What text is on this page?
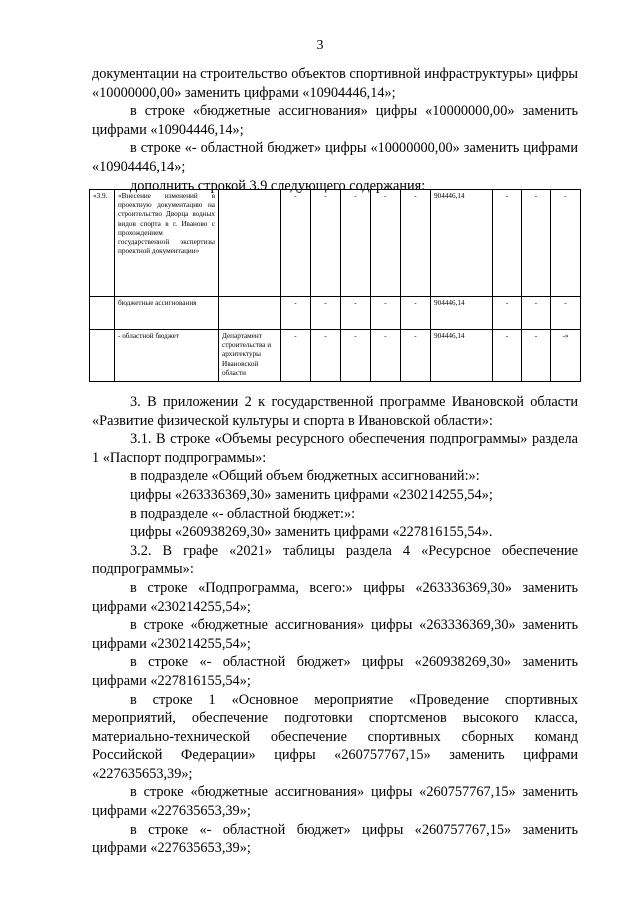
3

документации на строительство объектов спортивной инфраструктуры» цифры «10000000,00» заменить цифрами «10904446,14»;

в строке «бюджетные ассигнования» цифры «10000000,00» заменить цифрами «10904446,14»;

в строке «- областной бюджет» цифры «10000000,00» заменить цифрами «10904446,14»;

дополнить строкой 3.9 следующего содержания:

«3.9.	«Внесение изменений в проектную документацию на строительство Дворца водных видов спорта в г. Иваново с прохождением государственной экспертизы проектной документации»		-	-	-	-	-	904446,14	-	-	-
	бюджетные ассигнования		-	-	-	-	-	904446,14	-	-	-
	- областной бюджет	Департамент строительства и архитектуры Ивановской области	-	-	-	-	-	904446,14	-	-	-»

3. В приложении 2 к государственной программе Ивановской области «Развитие физической культуры и спорта в Ивановской области»:

3.1. В строке «Объемы ресурсного обеспечения подпрограммы» раздела 1 «Паспорт подпрограммы»:

в подразделе «Общий объем бюджетных ассигнований:»:

цифры «263336369,30» заменить цифрами «230214255,54»;

в подразделе «- областной бюджет:»:

цифры «260938269,30» заменить цифрами «227816155,54».

3.2. В графе «2021» таблицы раздела 4 «Ресурсное обеспечение подпрограммы»:

в строке «Подпрограмма, всего:» цифры «263336369,30» заменить цифрами «230214255,54»;

в строке «бюджетные ассигнования» цифры «263336369,30» заменить цифрами «230214255,54»;

в строке «- областной бюджет» цифры «260938269,30» заменить цифрами «227816155,54»;

в строке 1 «Основное мероприятие «Проведение спортивных мероприятий, обеспечение подготовки спортсменов высокого класса, материально-технической обеспечение спортивных сборных команд Российской Федерации» цифры «260757767,15» заменить цифрами «227635653,39»;

в строке «бюджетные ассигнования» цифры «260757767,15» заменить цифрами «227635653,39»;

в строке «- областной бюджет» цифры «260757767,15» заменить цифрами «227635653,39»;
